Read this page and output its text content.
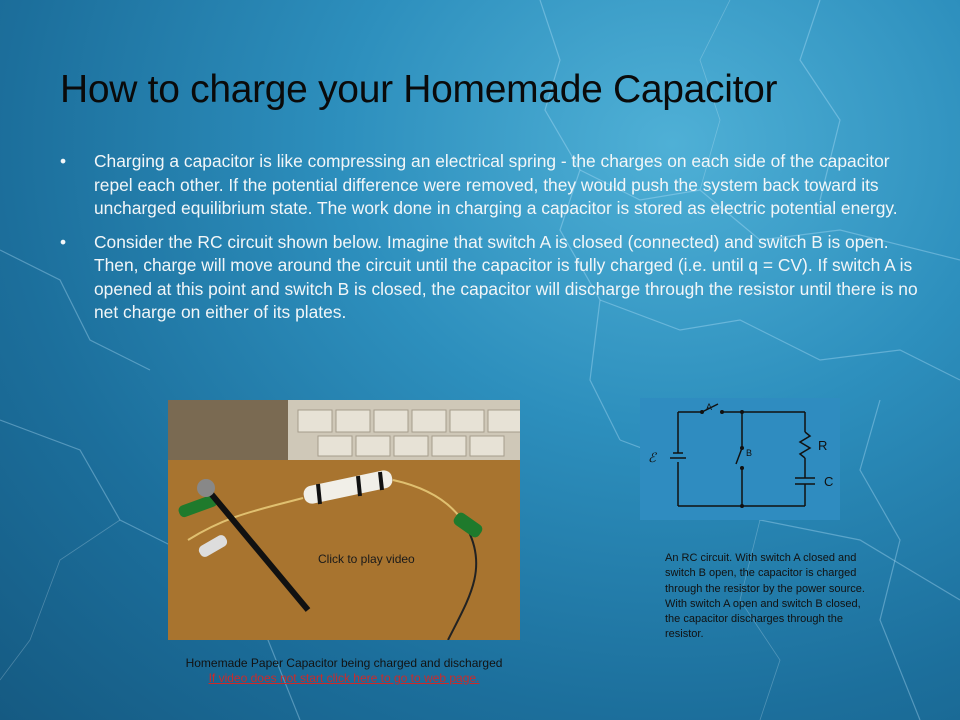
How to charge your Homemade Capacitor
• Charging a capacitor is like compressing an electrical spring - the charges on each side of the capacitor repel each other. If the potential difference were removed, they would push the system back toward its uncharged equilibrium state. The work done in charging a capacitor is stored as electric potential energy.
• Consider the RC circuit shown below. Imagine that switch A is closed (connected) and switch B is open. Then, charge will move around the circuit until the capacitor is fully charged (i.e. until q = CV). If switch A is opened at this point and switch B is closed, the capacitor will discharge through the resistor until there is no net charge on either of its plates.
Click to play video
Homemade Paper Capacitor being charged and discharged
If video does not start click here to go to web page.
A
B	R
C
ℰ
An RC circuit. With switch A closed and switch B open, the capacitor is charged through the resistor by the power source. With switch A open and switch B closed, the capacitor discharges through the resistor.
